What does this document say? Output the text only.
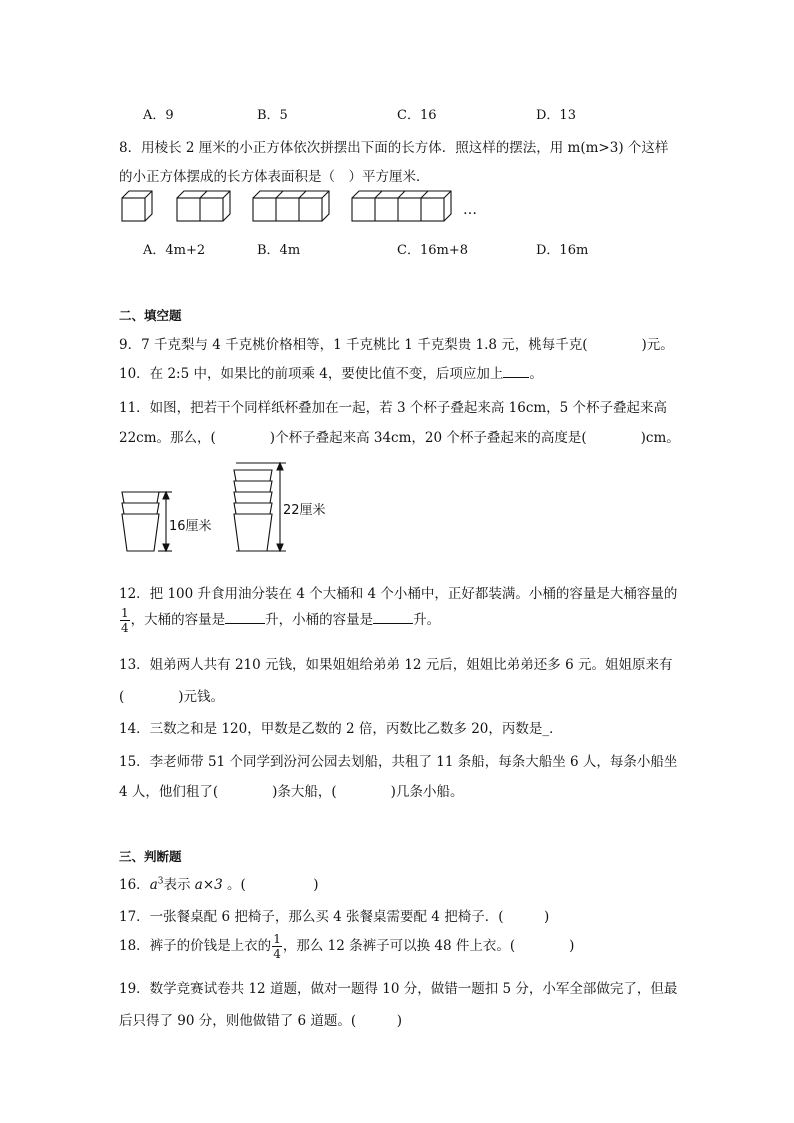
A．9	B．5	C．16	D．13
8．用棱长 2 厘米的小正方体依次拼摆出下面的长方体．照这样的摆法，用 m(m>3) 个这样
的小正方体摆成的长方体表面积是（　）平方厘米．
…
A．4m+2	B．4m	C．16m+8	D．16m
二、填空题
9．7 千克梨与 4 千克桃价格相等，1 千克桃比 1 千克梨贵 1.8 元，桃每千克(　　　　)元。
10．在 2:5 中，如果比的前项乘 4，要使比值不变，后项应加上 。
11．如图，把若干个同样纸杯叠加在一起，若 3 个杯子叠起来高 16cm，5 个杯子叠起来高
22cm。那么，(　　　　)个杯子叠起来高 34cm，20 个杯子叠起来的高度是(　　　　)cm。
16厘米
22厘米
12．把 100 升食用油分装在 4 个大桶和 4 个小桶中，正好都装满。小桶的容量是大桶容量的
$\frac{1}{4}$ ，大桶的容量是	升，小桶的容量是	升。
13．姐弟两人共有 210 元钱，如果姐姐给弟弟 12 元后，姐姐比弟弟还多 6 元。姐姐原来有
(　　　　)元钱。
14．三数之和是 120，甲数是乙数的 2 倍，丙数比乙数多 20，丙数是_．
15．李老师带 51 个同学到汾河公园去划船，共租了 11 条船，每条大船坐 6 人，每条小船坐
4 人，他们租了(　　　　)条大船，(　　　　)几条小船。
三、判断题
16．$a^3$表示 a×3 。(　　　　　)
17．一张餐桌配 6 把椅子，那么买 4 张餐桌需要配 4 把椅子．(　　　)
18．裤子的价钱是上衣的 $\frac{1}{4}$ ，那么 12 条裤子可以换 48 件上衣。(　　　　)
19．数学竞赛试卷共 12 道题，做对一题得 10 分，做错一题扣 5 分，小军全部做完了，但最
后只得了 90 分，则他做错了 6 道题。(　　　)
